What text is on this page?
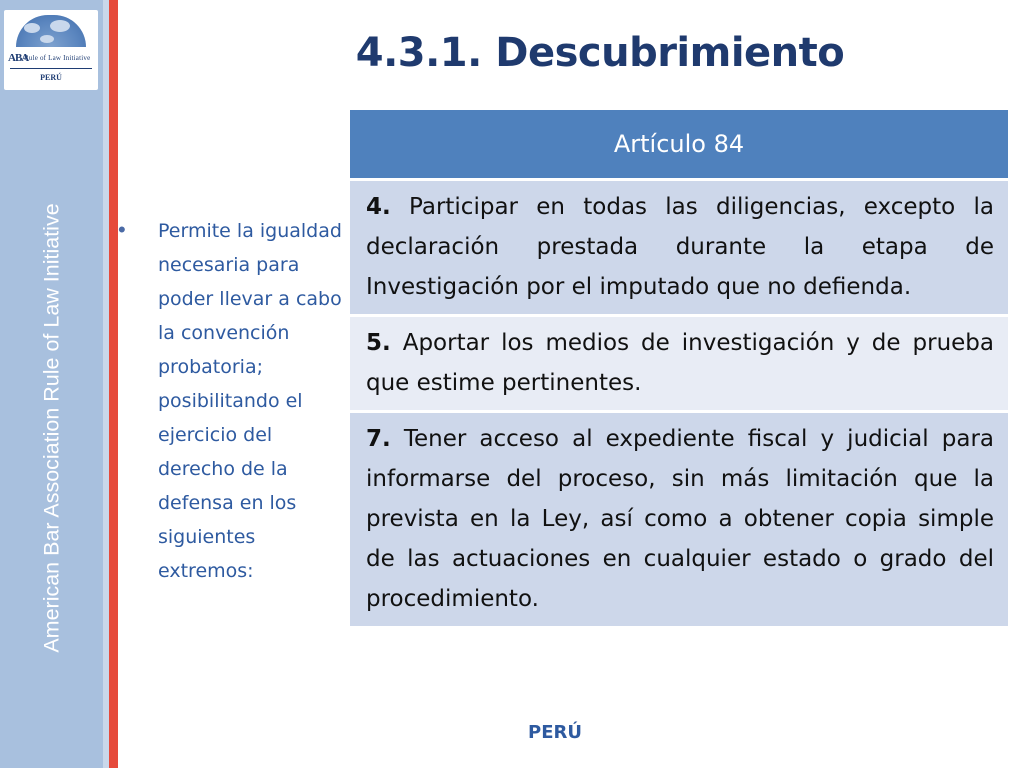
ABA
Rule of Law Initiative
PERÚ
American Bar Association Rule of Law Initiative
4.3.1. Descubrimiento
• Permite la igualdad necesaria para poder llevar a cabo la convención probatoria; posibilitando el ejercicio del derecho de la defensa en los siguientes extremos:
Artículo 84
4. Participar en todas las diligencias, excepto la declaración prestada durante la etapa de Investigación por el imputado que no defienda.
5. Aportar los medios de investigación y de prueba que estime pertinentes.
7. Tener acceso al expediente fiscal y judicial para informarse del proceso, sin más limitación que la prevista en la Ley, así como a obtener copia simple de las actuaciones en cualquier estado o grado del procedimiento.
PERÚ
